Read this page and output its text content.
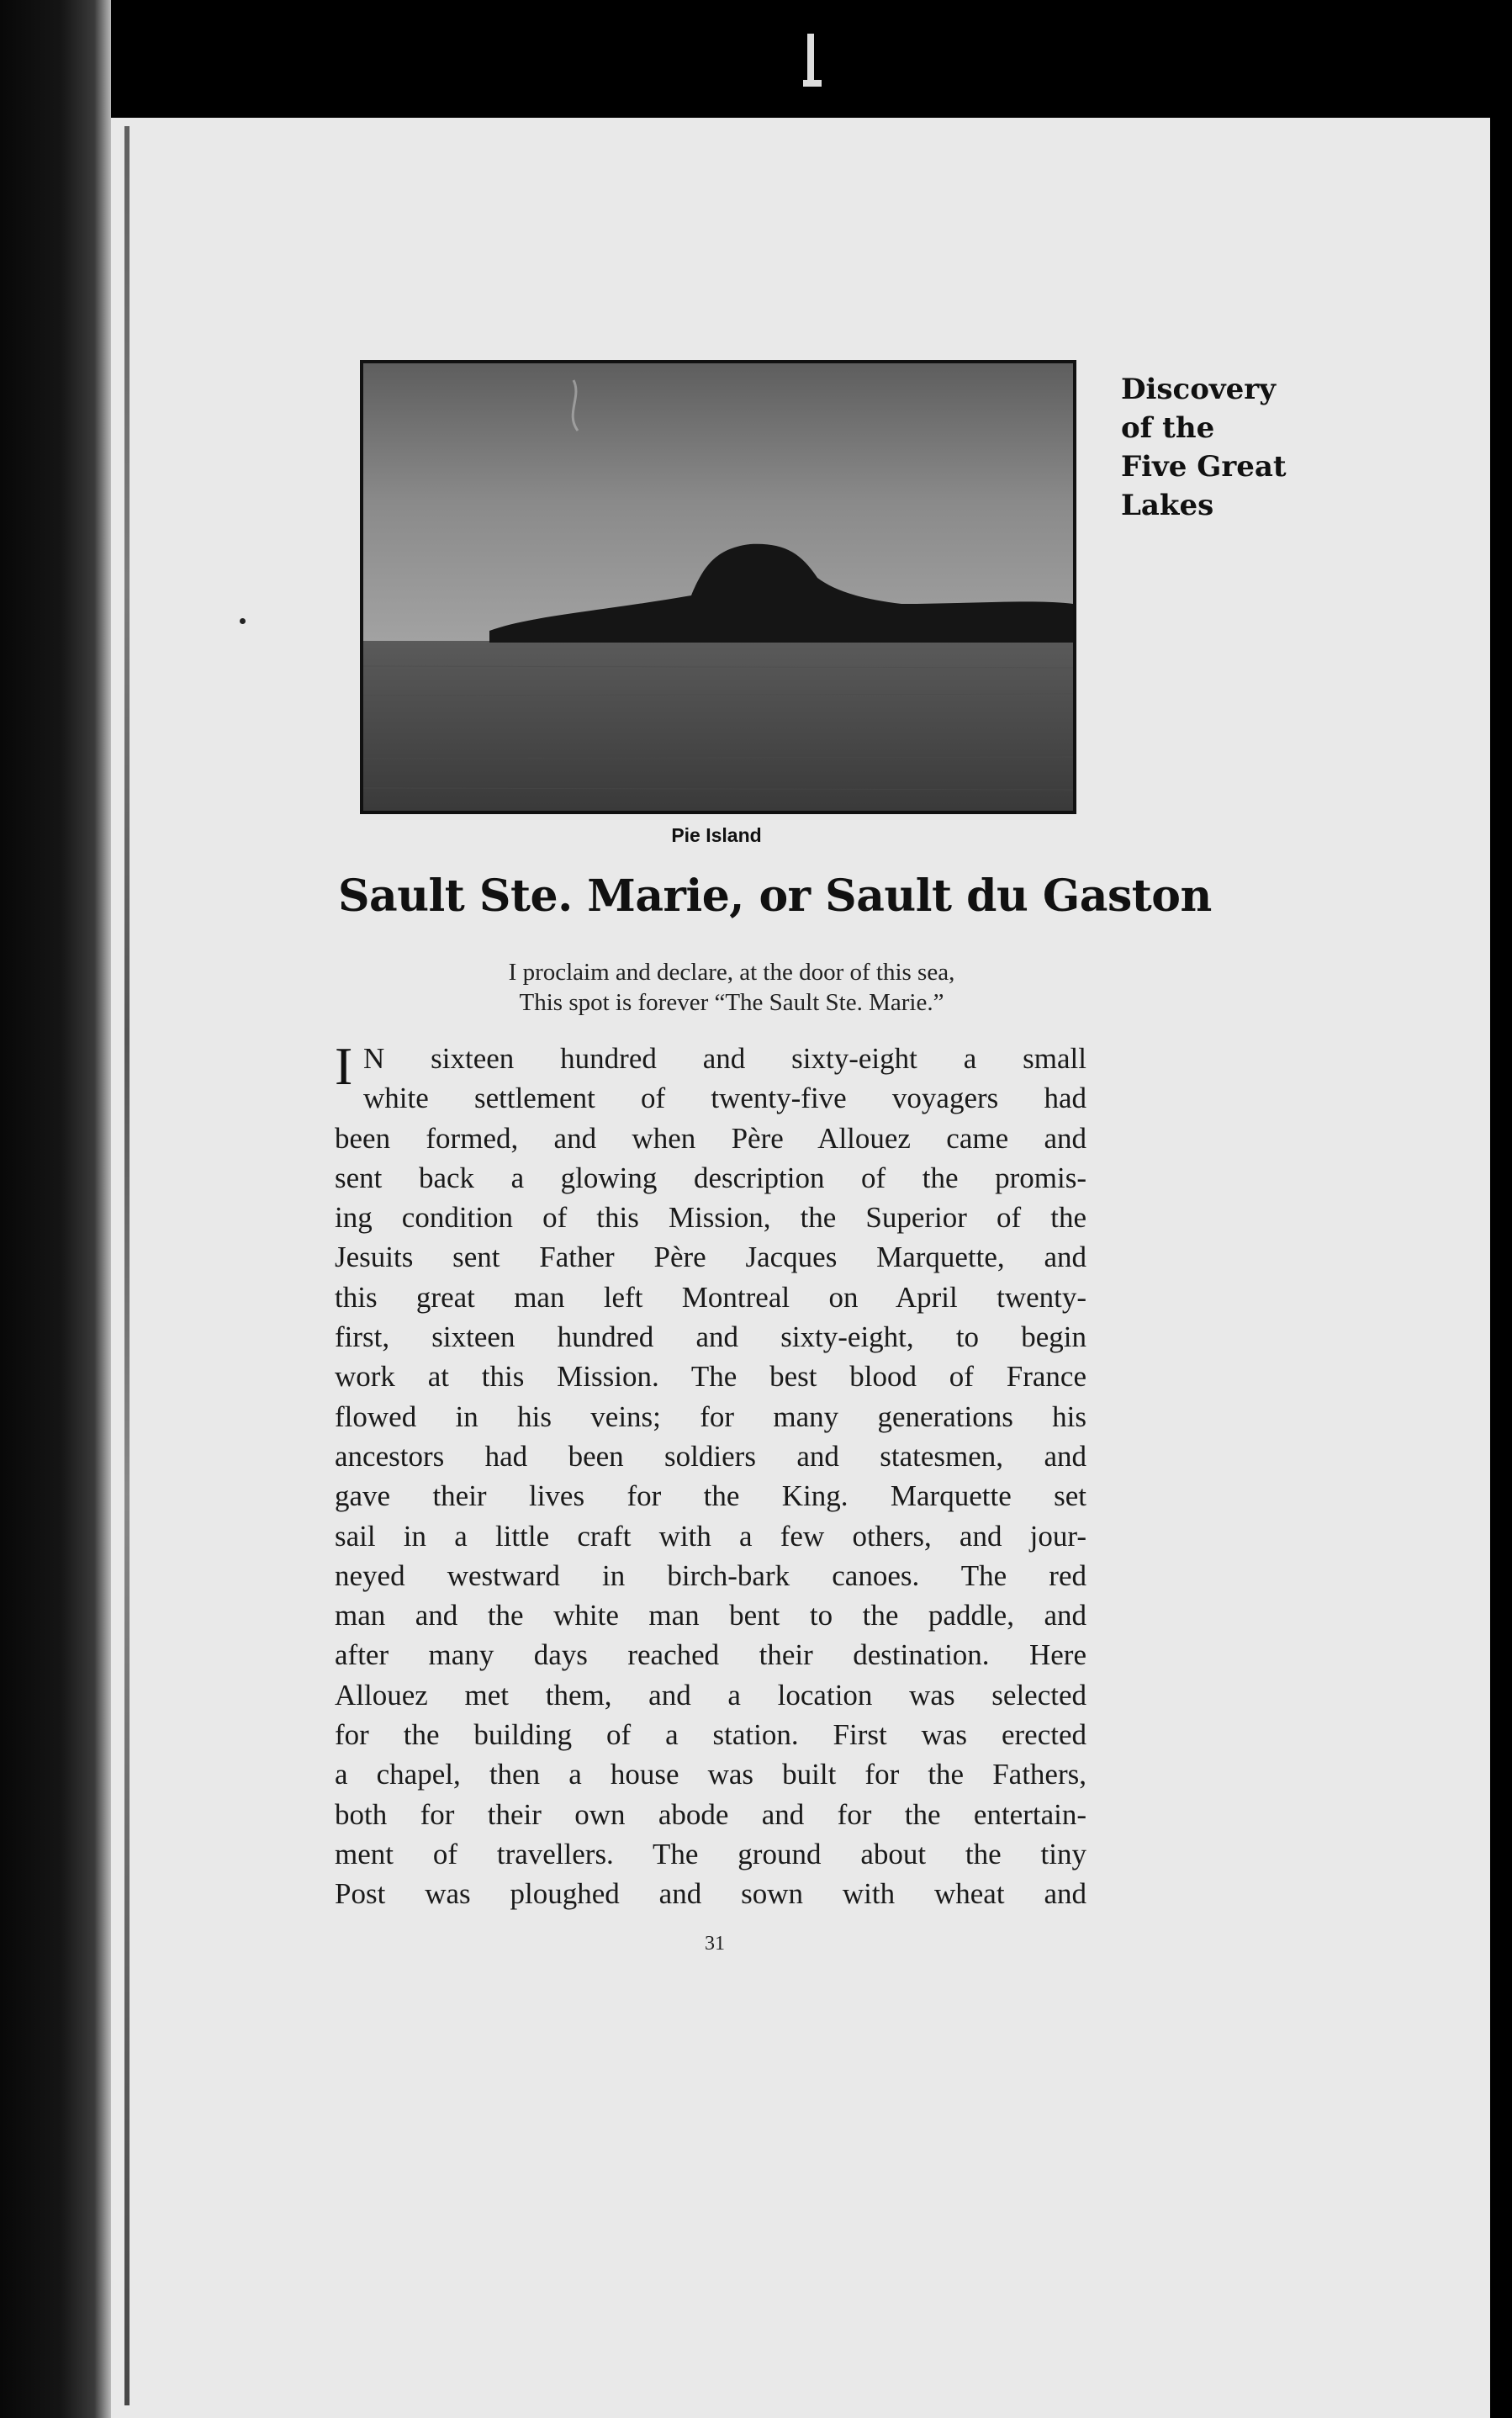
Pie Island
Discovery
of the
Five Great
Lakes
Sault Ste. Marie, or Sault du Gaston
I proclaim and declare, at the door of this sea,
This spot is forever “The Sault Ste. Marie.”
I N sixteen hundred and sixty-eight a small
white settlement of twenty-five voyagers had
been formed, and when Père Allouez came and
sent back a glowing description of the promis-
ing condition of this Mission, the Superior of the
Jesuits sent Father Père Jacques Marquette, and
this great man left Montreal on April twenty-
first, sixteen hundred and sixty-eight, to begin
work at this Mission. The best blood of France
flowed in his veins; for many generations his
ancestors had been soldiers and statesmen, and
gave their lives for the King. Marquette set
sail in a little craft with a few others, and jour-
neyed westward in birch-bark canoes. The red
man and the white man bent to the paddle, and
after many days reached their destination. Here
Allouez met them, and a location was selected
for the building of a station. First was erected
a chapel, then a house was built for the Fathers,
both for their own abode and for the entertain-
ment of travellers. The ground about the tiny
Post was ploughed and sown with wheat and
31
